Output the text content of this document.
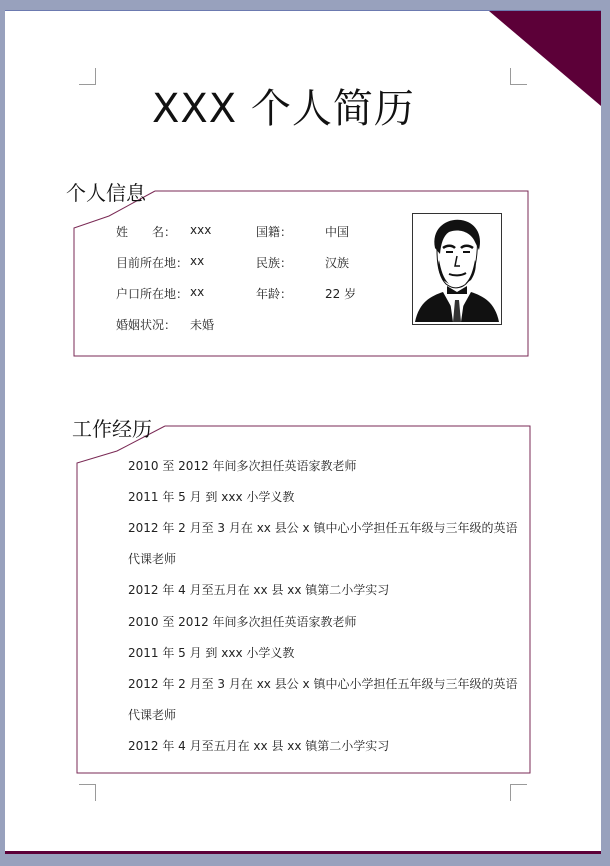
XXX 个人简历
个人信息
姓　　名： xxx	国籍：	中国
目前所在地： xx	民族：	汉族
户口所在地： xx	年龄：	22 岁
婚姻状况： 未婚
工作经历
2010 至 2012 年间多次担任英语家教老师
2011 年 5 月 到 xxx 小学义教
2012 年 2 月至 3 月在 xx 县公 x 镇中心小学担任五年级与三年级的英语
代课老师
2012 年 4 月至五月在 xx 县 xx 镇第二小学实习
2010 至 2012 年间多次担任英语家教老师
2011 年 5 月 到 xxx 小学义教
2012 年 2 月至 3 月在 xx 县公 x 镇中心小学担任五年级与三年级的英语
代课老师
2012 年 4 月至五月在 xx 县 xx 镇第二小学实习
